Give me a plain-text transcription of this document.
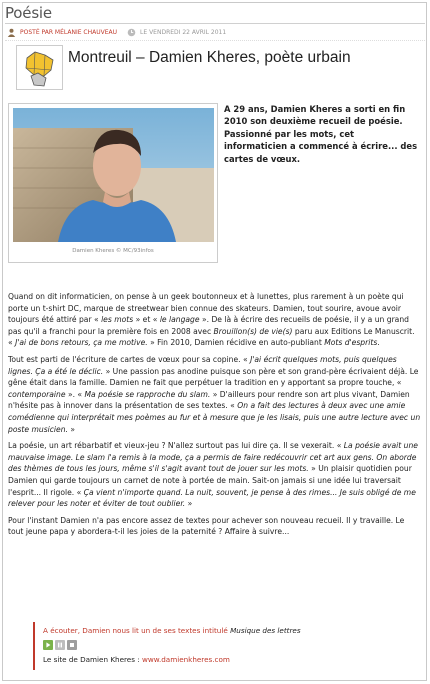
Poésie
POSTÉ PAR MÉLANIE CHAUVEAU	LE VENDREDI 22 AVRIL 2011
Montreuil – Damien Kheres, poète urbain
Damien Kheres © MC/93infos
A 29 ans, Damien Kheres a sorti en fin 2010 son deuxième recueil de poésie. Passionné par les mots, cet informaticien a commencé à écrire... des cartes de vœux.

Quand on dit informaticien, on pense à un geek boutonneux et à lunettes, plus rarement à un poète qui porte un t-shirt DC, marque de streetwear bien connue des skateurs. Damien, tout sourire, avoue avoir toujours été attiré par « les mots » et « le langage ». De là à écrire des recueils de poésie, il y a un grand pas qu'il a franchi pour la première fois en 2008 avec Brouillon(s) de vie(s) paru aux Editions Le Manuscrit. « J'ai de bons retours, ça me motive. » Fin 2010, Damien récidive en auto-publiant Mots d'esprits.

Tout est parti de l'écriture de cartes de vœux pour sa copine. « J'ai écrit quelques mots, puis quelques lignes. Ça a été le déclic. » Une passion pas anodine puisque son père et son grand-père écrivaient déjà. Le gêne était dans la famille. Damien ne fait que perpétuer la tradition en y apportant sa propre touche, « contemporaine ». « Ma poésie se rapproche du slam. » D'ailleurs pour rendre son art plus vivant, Damien n'hésite pas à innover dans la présentation de ses textes. « On a fait des lectures à deux avec une amie comédienne qui interprétait mes poèmes au fur et à mesure que je les lisais, puis une autre lecture avec un poste musicien. »

La poésie, un art rébarbatif et vieux-jeu ? N'allez surtout pas lui dire ça. Il se vexerait. « La poésie avait une mauvaise image. Le slam l'a remis à la mode, ça a permis de faire redécouvrir cet art aux gens. On aborde des thèmes de tous les jours, même s'il s'agit avant tout de jouer sur les mots. » Un plaisir quotidien pour Damien qui garde toujours un carnet de note à portée de main. Sait-on jamais si une idée lui traversait l'esprit... Il rigole. « Ça vient n'importe quand. La nuit, souvent, je pense à des rimes... Je suis obligé de me relever pour les noter et éviter de tout oublier. »

Pour l'instant Damien n'a pas encore assez de textes pour achever son nouveau recueil. Il y travaille. Le tout jeune papa y abordera-t-il les joies de la paternité ? Affaire à suivre...

A écouter, Damien nous lit un de ses textes intitulé Musique des lettres
Le site de Damien Kheres : www.damienkheres.com
